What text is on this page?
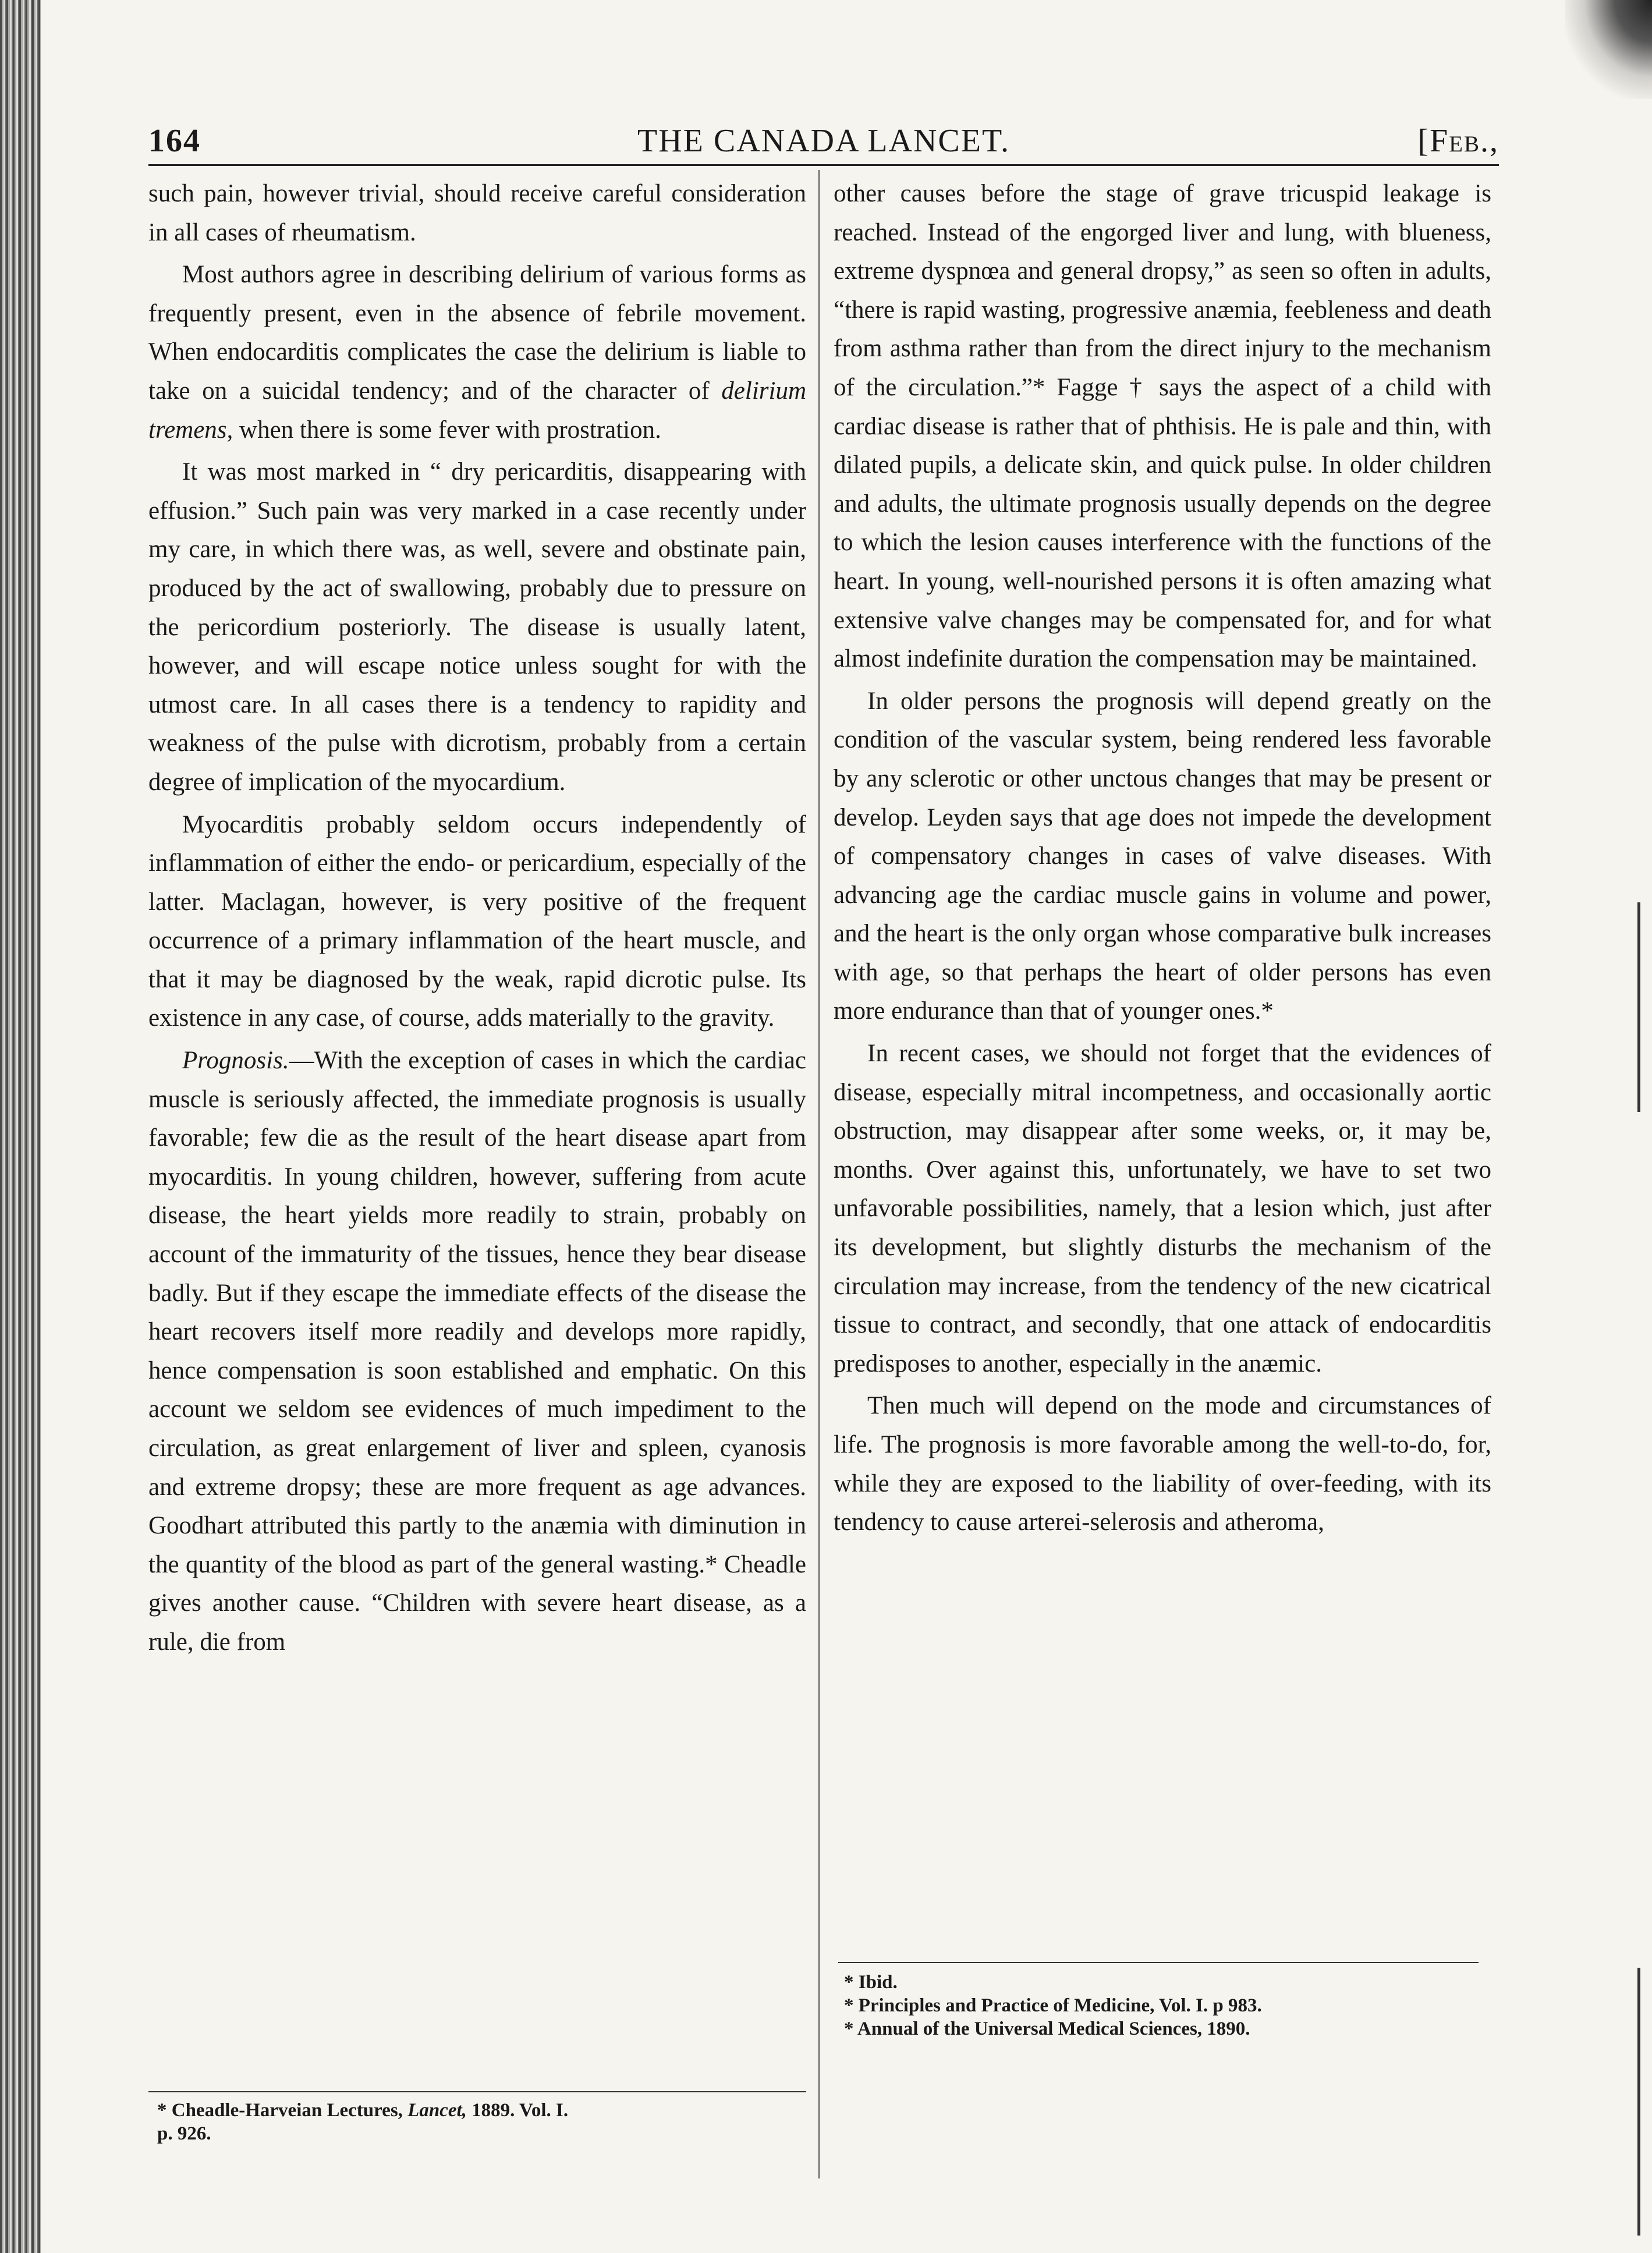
164	THE CANADA LANCET.	[Feb.,

such pain, however trivial, should receive careful consideration in all cases of rheumatism.

Most authors agree in describing delirium of various forms as frequently present, even in the absence of febrile movement. When endocarditis complicates the case the delirium is liable to take on a suicidal tendency; and of the character of delirium tremens, when there is some fever with prostration.

It was most marked in “ dry pericarditis, disappearing with effusion.” Such pain was very marked in a case recently under my care, in which there was, as well, severe and obstinate pain, produced by the act of swallowing, probably due to pressure on the pericordium posteriorly. The disease is usually latent, however, and will escape notice unless sought for with the utmost care. In all cases there is a tendency to rapidity and weakness of the pulse with dicrotism, probably from a certain degree of implication of the myocardium.

Myocarditis probably seldom occurs independently of inflammation of either the endo- or pericardium, especially of the latter. Maclagan, however, is very positive of the frequent occurrence of a primary inflammation of the heart muscle, and that it may be diagnosed by the weak, rapid dicrotic pulse. Its existence in any case, of course, adds materially to the gravity.

Prognosis.—With the exception of cases in which the cardiac muscle is seriously affected, the immediate prognosis is usually favorable; few die as the result of the heart disease apart from myocarditis. In young children, however, suffering from acute disease, the heart yields more readily to strain, probably on account of the immaturity of the tissues, hence they bear disease badly. But if they escape the immediate effects of the disease the heart recovers itself more readily and develops more rapidly, hence compensation is soon established and emphatic. On this account we seldom see evidences of much impediment to the circulation, as great enlargement of liver and spleen, cyanosis and extreme dropsy; these are more frequent as age advances. Goodhart attributed this partly to the anæmia with diminution in the quantity of the blood as part of the general wasting.* Cheadle gives another cause. “Children with severe heart disease, as a rule, die from

other causes before the stage of grave tricuspid leakage is reached. Instead of the engorged liver and lung, with blueness, extreme dyspnœa and general dropsy,” as seen so often in adults, “there is rapid wasting, progressive anæmia, feebleness and death from asthma rather than from the direct injury to the mechanism of the circulation.”* Fagge † says the aspect of a child with cardiac disease is rather that of phthisis. He is pale and thin, with dilated pupils, a delicate skin, and quick pulse. In older children and adults, the ultimate prognosis usually depends on the degree to which the lesion causes interference with the functions of the heart. In young, well-nourished persons it is often amazing what extensive valve changes may be compensated for, and for what almost indefinite duration the compensation may be maintained.

In older persons the prognosis will depend greatly on the condition of the vascular system, being rendered less favorable by any sclerotic or other unctous changes that may be present or develop. Leyden says that age does not impede the development of compensatory changes in cases of valve diseases. With advancing age the cardiac muscle gains in volume and power, and the heart is the only organ whose comparative bulk increases with age, so that perhaps the heart of older persons has even more endurance than that of younger ones.*

In recent cases, we should not forget that the evidences of disease, especially mitral incompetness, and occasionally aortic obstruction, may disappear after some weeks, or, it may be, months. Over against this, unfortunately, we have to set two unfavorable possibilities, namely, that a lesion which, just after its development, but slightly disturbs the mechanism of the circulation may increase, from the tendency of the new cicatrical tissue to contract, and secondly, that one attack of endocarditis predisposes to another, especially in the anæmic.

Then much will depend on the mode and circumstances of life. The prognosis is more favorable among the well-to-do, for, while they are exposed to the liability of over-feeding, with its tendency to cause arterei-selerosis and atheroma,

* Cheadle-Harveian Lectures, Lancet, 1889. Vol. I.

p. 926.

* Ibid.

* Principles and Practice of Medicine, Vol. I. p 983.

* Annual of the Universal Medical Sciences, 1890.
